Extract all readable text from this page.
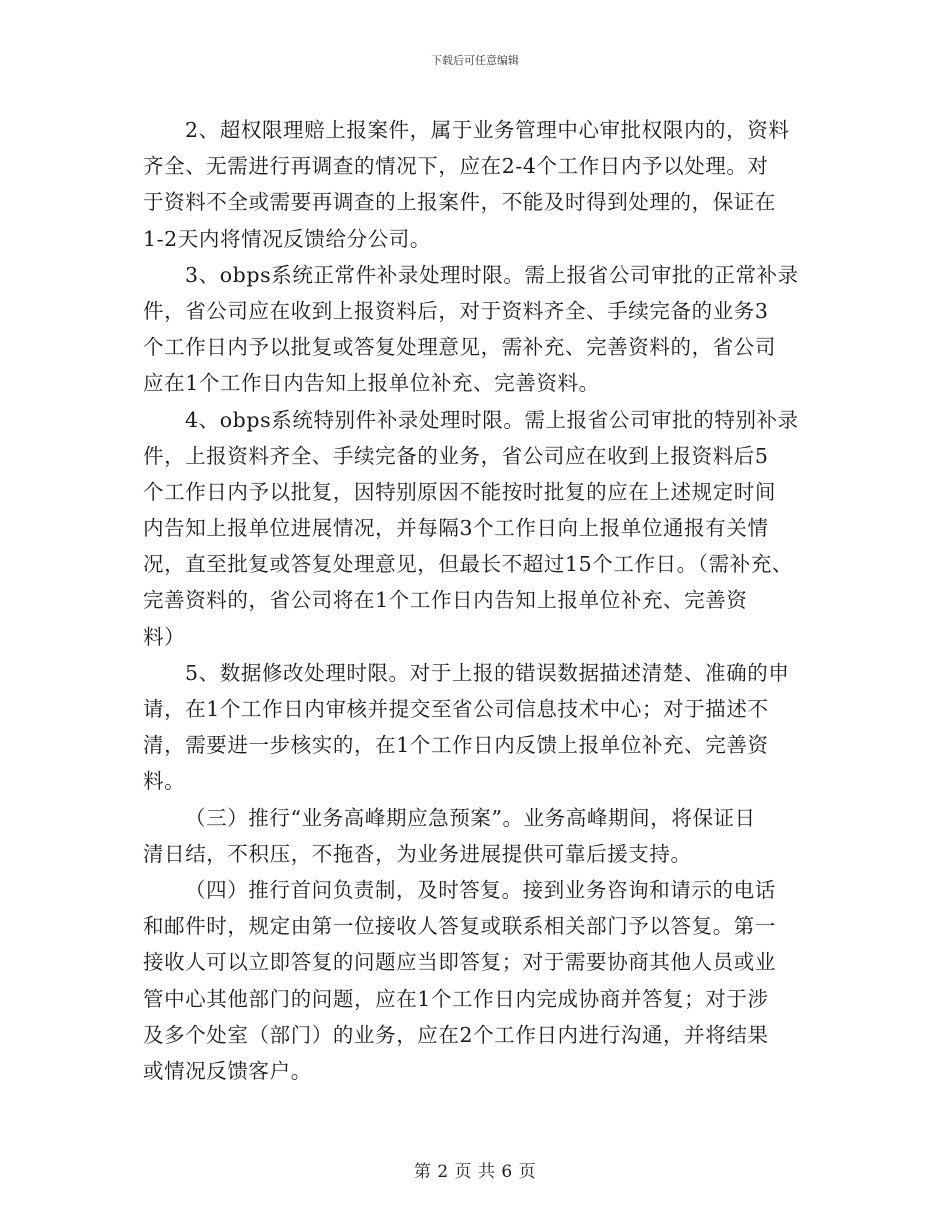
下载后可任意编辑
2、超权限理赔上报案件，属于业务管理中心审批权限内的，资料
齐全、无需进行再调查的情况下，应在2-4个工作日内予以处理。对
于资料不全或需要再调查的上报案件，不能及时得到处理的，保证在
1-2天内将情况反馈给分公司。
3、obps系统正常件补录处理时限。需上报省公司审批的正常补录
件，省公司应在收到上报资料后，对于资料齐全、手续完备的业务3
个工作日内予以批复或答复处理意见，需补充、完善资料的，省公司
应在1个工作日内告知上报单位补充、完善资料。
4、obps系统特别件补录处理时限。需上报省公司审批的特别补录
件，上报资料齐全、手续完备的业务，省公司应在收到上报资料后5
个工作日内予以批复，因特别原因不能按时批复的应在上述规定时间
内告知上报单位进展情况，并每隔3个工作日向上报单位通报有关情
况，直至批复或答复处理意见，但最长不超过15个工作日。（需补充、
完善资料的，省公司将在1个工作日内告知上报单位补充、完善资
料）
5、数据修改处理时限。对于上报的错误数据描述清楚、准确的申
请，在1个工作日内审核并提交至省公司信息技术中心；对于描述不
清，需要进一步核实的，在1个工作日内反馈上报单位补充、完善资
料。
（三）推行“业务高峰期应急预案”。业务高峰期间，将保证日
清日结，不积压，不拖沓，为业务进展提供可靠后援支持。
（四）推行首问负责制，及时答复。接到业务咨询和请示的电话
和邮件时，规定由第一位接收人答复或联系相关部门予以答复。第一
接收人可以立即答复的问题应当即答复；对于需要协商其他人员或业
管中心其他部门的问题，应在1个工作日内完成协商并答复；对于涉
及多个处室（部门）的业务，应在2个工作日内进行沟通，并将结果
或情况反馈客户。
第 2 页 共 6 页
